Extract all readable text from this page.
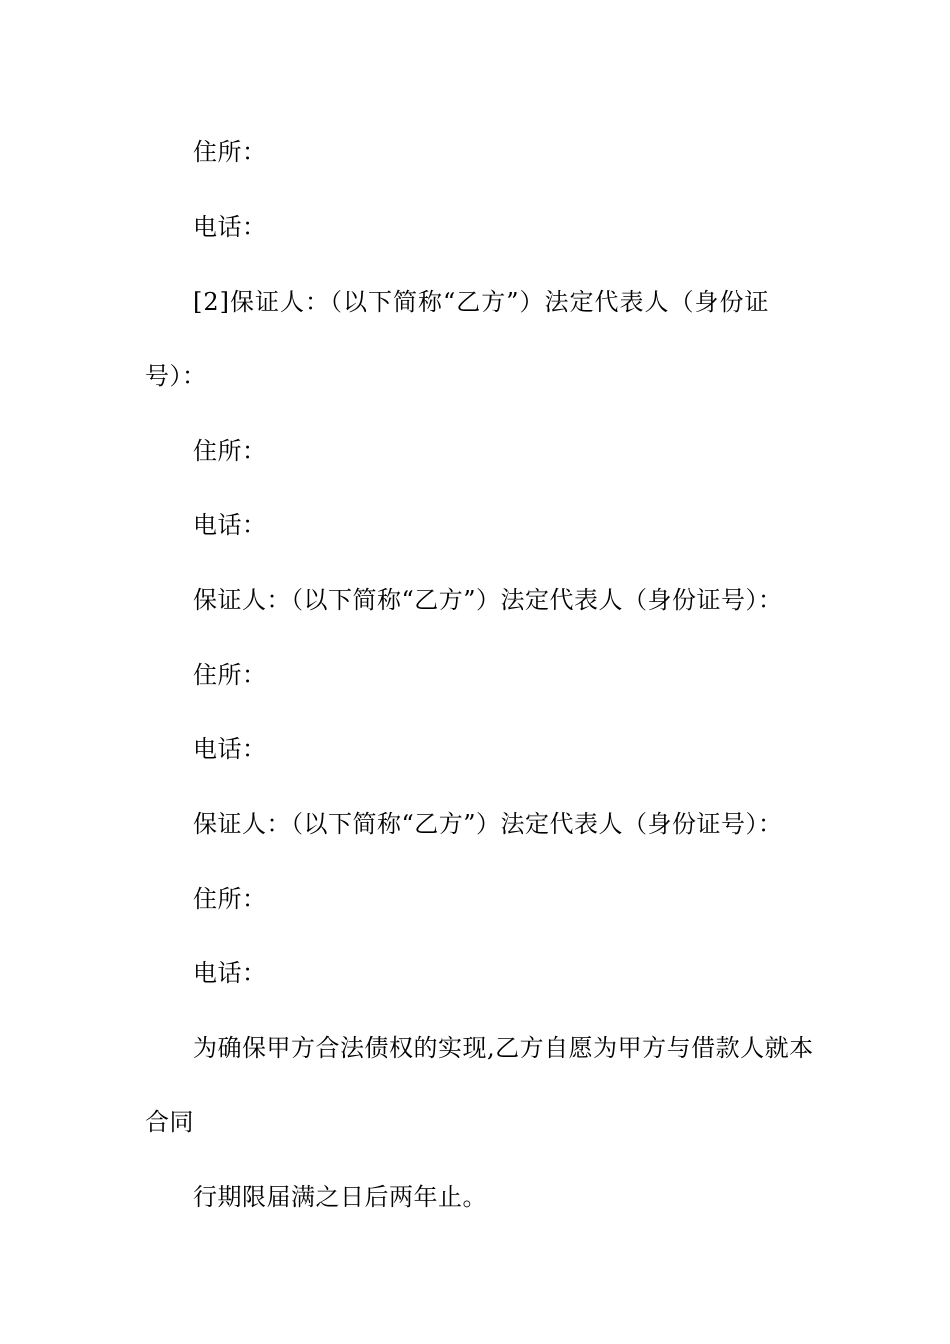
住所：
电话：
[2]保证人：（以下简称“乙方”）法定代表人（身份证
号）：
住所：
电话：
保证人：（以下简称“乙方”）法定代表人（身份证号）：
住所：
电话：
保证人：（以下简称“乙方”）法定代表人（身份证号）：
住所：
电话：
为确保甲方合法债权的实现,乙方自愿为甲方与借款人就本
合同
行期限届满之日后两年止。
